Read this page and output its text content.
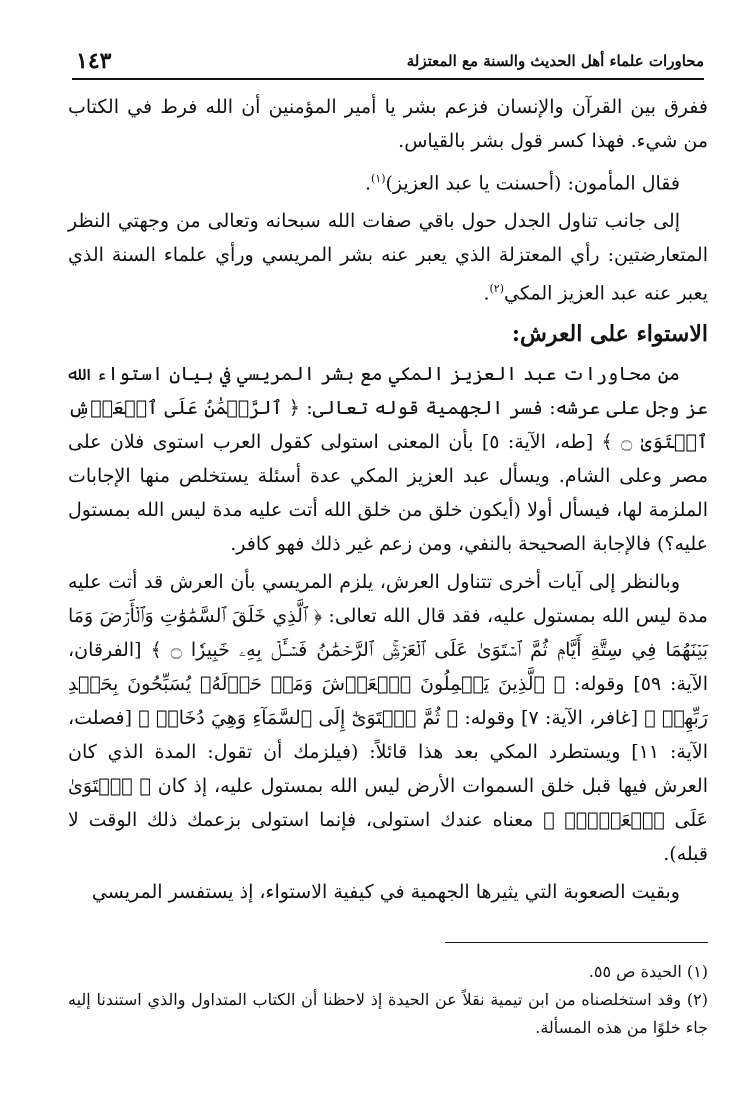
محاورات علماء أهل الحديث والسنة مع المعتزلة
١٤٣

ففرق بين القرآن والإنسان فزعم بشر يا أمير المؤمنين أن الله فرط في الكتاب من شيء. فهذا كسر قول بشر بالقياس.

فقال المأمون: (أحسنت يا عبد العزيز)$^{(١)}$.

إلى جانب تناول الجدل حول باقي صفات الله سبحانه وتعالى من وجهتي النظر المتعارضتين: رأي المعتزلة الذي يعبر عنه بشر المريسي ورأي علماء السنة الذي يعبر عنه عبد العزيز المكي$^{(٢)}$.

الاستواء على العرش:

من محاورات عبد العزيز المكي مع بشر المريسي في بيان استواء الله عز وجل على عرشه: فسر الجهمية قوله تعالى: ﴿ ٱلرَّحۡمَٰنُ عَلَى ٱلۡعَرۡشِ ٱسۡتَوَىٰ ۝ ﴾ [طه، الآية: ٥] بأن المعنى استولى كقول العرب استوى فلان على مصر وعلى الشام. ويسأل عبد العزيز المكي عدة أسئلة يستخلص منها الإجابات الملزمة لها، فيسأل أولا (أيكون خلق من خلق الله أتت عليه مدة ليس الله بمستول عليه؟) فالإجابة الصحيحة بالنفي، ومن زعم غير ذلك فهو كافر.

وبالنظر إلى آيات أخرى تتناول العرش، يلزم المريسي بأن العرش قد أتت عليه مدة ليس الله بمستول عليه، فقد قال الله تعالى: ﴿ ٱلَّذِي خَلَقَ ٱلسَّمَٰوَٰتِ وَٱلۡأَرۡضَ وَمَا بَيۡنَهُمَا فِي سِتَّةِ أَيَّامٖ ثُمَّ ٱسۡتَوَىٰ عَلَى ٱلۡعَرۡشِۚ ٱلرَّحۡمَٰنُ فَسۡـَٔلۡ بِهِۦ خَبِيرٗا ۝ ﴾ [الفرقان، الآية: ٥٩] وقوله: ﴿ ٱلَّذِينَ يَحۡمِلُونَ ٱلۡعَرۡشَ وَمَنۡ حَوۡلَهُۥ يُسَبِّحُونَ بِحَمۡدِ رَبِّهِمۡ ﴾ [غافر، الآية: ٧] وقوله: ﴿ ثُمَّ ٱسۡتَوَىٰٓ إِلَى ٱلسَّمَآءِ وَهِيَ دُخَانٞ ﴾ [فصلت، الآية: ١١] ويستطرد المكي بعد هذا قائلاً: (فيلزمك أن تقول: المدة الذي كان العرش فيها قبل خلق السموات الأرض ليس الله بمستول عليه، إذ كان ﴿ ٱسۡتَوَىٰ عَلَى ٱلۡعَرۡشِۚ ﴾ معناه عندك استولى، فإنما استولى بزعمك ذلك الوقت لا قبله).

وبقيت الصعوبة التي يثيرها الجهمية في كيفية الاستواء، إذ يستفسر المريسي

(١) الحيدة ص ٥٥.

(٢) وقد استخلصناه من ابن تيمية نقلاً عن الحيدة إذ لاحظنا أن الكتاب المتداول والذي استندنا إليه جاء خلوًا من هذه المسألة.
